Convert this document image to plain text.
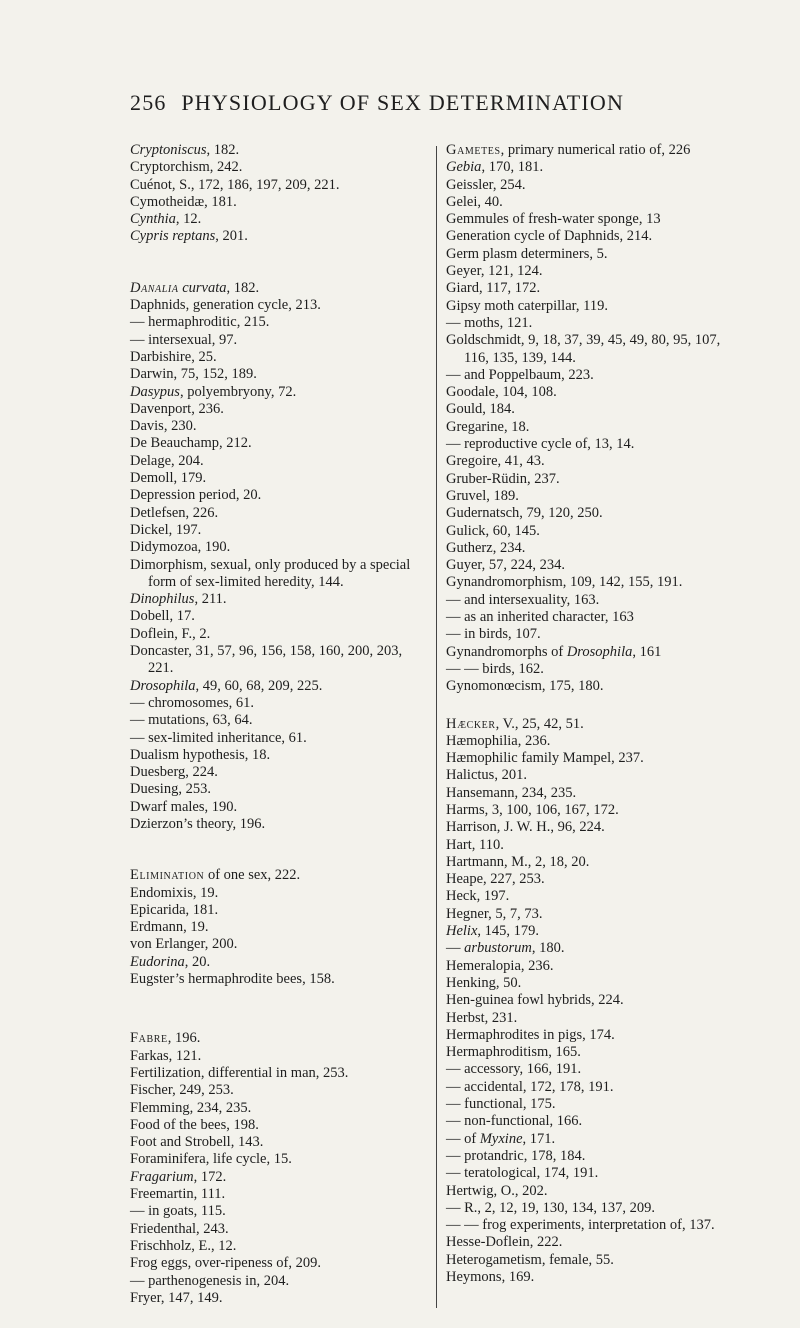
256 PHYSIOLOGY OF SEX DETERMINATION
Cryptoniscus, 182.
Cryptorchism, 242.
Cuénot, S., 172, 186, 197, 209, 221.
Cymotheidæ, 181.
Cynthia, 12.
Cypris reptans, 201.
Danalia curvata, 182.
Daphnids, generation cycle, 213.
— hermaphroditic, 215.
— intersexual, 97.
Darbishire, 25.
Darwin, 75, 152, 189.
Dasypus, polyembryony, 72.
Davenport, 236.
Davis, 230.
De Beauchamp, 212.
Delage, 204.
Demoll, 179.
Depression period, 20.
Detlefsen, 226.
Dickel, 197.
Didymozoa, 190.
Dimorphism, sexual, only produced by a special form of sex-limited heredity, 144.
Dinophilus, 211.
Dobell, 17.
Doflein, F., 2.
Doncaster, 31, 57, 96, 156, 158, 160, 200, 203, 221.
Drosophila, 49, 60, 68, 209, 225.
— chromosomes, 61.
— mutations, 63, 64.
— sex-limited inheritance, 61.
Dualism hypothesis, 18.
Duesberg, 224.
Duesing, 253.
Dwarf males, 190.
Dzierzon’s theory, 196.
Elimination of one sex, 222.
Endomixis, 19.
Epicarida, 181.
Erdmann, 19.
von Erlanger, 200.
Eudorina, 20.
Eugster’s hermaphrodite bees, 158.
Fabre, 196.
Farkas, 121.
Fertilization, differential in man, 253.
Fischer, 249, 253.
Flemming, 234, 235.
Food of the bees, 198.
Foot and Strobell, 143.
Foraminifera, life cycle, 15.
Fragarium, 172.
Freemartin, 111.
— in goats, 115.
Friedenthal, 243.
Frischholz, E., 12.
Frog eggs, over-ripeness of, 209.
— parthenogenesis in, 204.
Fryer, 147, 149.
Gametes, primary numerical ratio of, 226
Gebia, 170, 181.
Geissler, 254.
Gelei, 40.
Gemmules of fresh-water sponge, 13
Generation cycle of Daphnids, 214.
Germ plasm determiners, 5.
Geyer, 121, 124.
Giard, 117, 172.
Gipsy moth caterpillar, 119.
— moths, 121.
Goldschmidt, 9, 18, 37, 39, 45, 49, 80, 95, 107, 116, 135, 139, 144.
— and Poppelbaum, 223.
Goodale, 104, 108.
Gould, 184.
Gregarine, 18.
— reproductive cycle of, 13, 14.
Gregoire, 41, 43.
Gruber-Rüdin, 237.
Gruvel, 189.
Gudernatsch, 79, 120, 250.
Gulick, 60, 145.
Gutherz, 234.
Guyer, 57, 224, 234.
Gynandromorphism, 109, 142, 155, 191.
— and intersexuality, 163.
— as an inherited character, 163
— in birds, 107.
Gynandromorphs of Drosophila, 161
— — birds, 162.
Gynomonœcism, 175, 180.
Hæcker, V., 25, 42, 51.
Hæmophilia, 236.
Hæmophilic family Mampel, 237.
Halictus, 201.
Hansemann, 234, 235.
Harms, 3, 100, 106, 167, 172.
Harrison, J. W. H., 96, 224.
Hart, 110.
Hartmann, M., 2, 18, 20.
Heape, 227, 253.
Heck, 197.
Hegner, 5, 7, 73.
Helix, 145, 179.
— arbustorum, 180.
Hemeralopia, 236.
Henking, 50.
Hen-guinea fowl hybrids, 224.
Herbst, 231.
Hermaphrodites in pigs, 174.
Hermaphroditism, 165.
— accessory, 166, 191.
— accidental, 172, 178, 191.
— functional, 175.
— non-functional, 166.
— of Myxine, 171.
— protandric, 178, 184.
— teratological, 174, 191.
Hertwig, O., 202.
— R., 2, 12, 19, 130, 134, 137, 209.
— — frog experiments, interpretation of, 137.
Hesse-Doflein, 222.
Heterogametism, female, 55.
Heymons, 169.
